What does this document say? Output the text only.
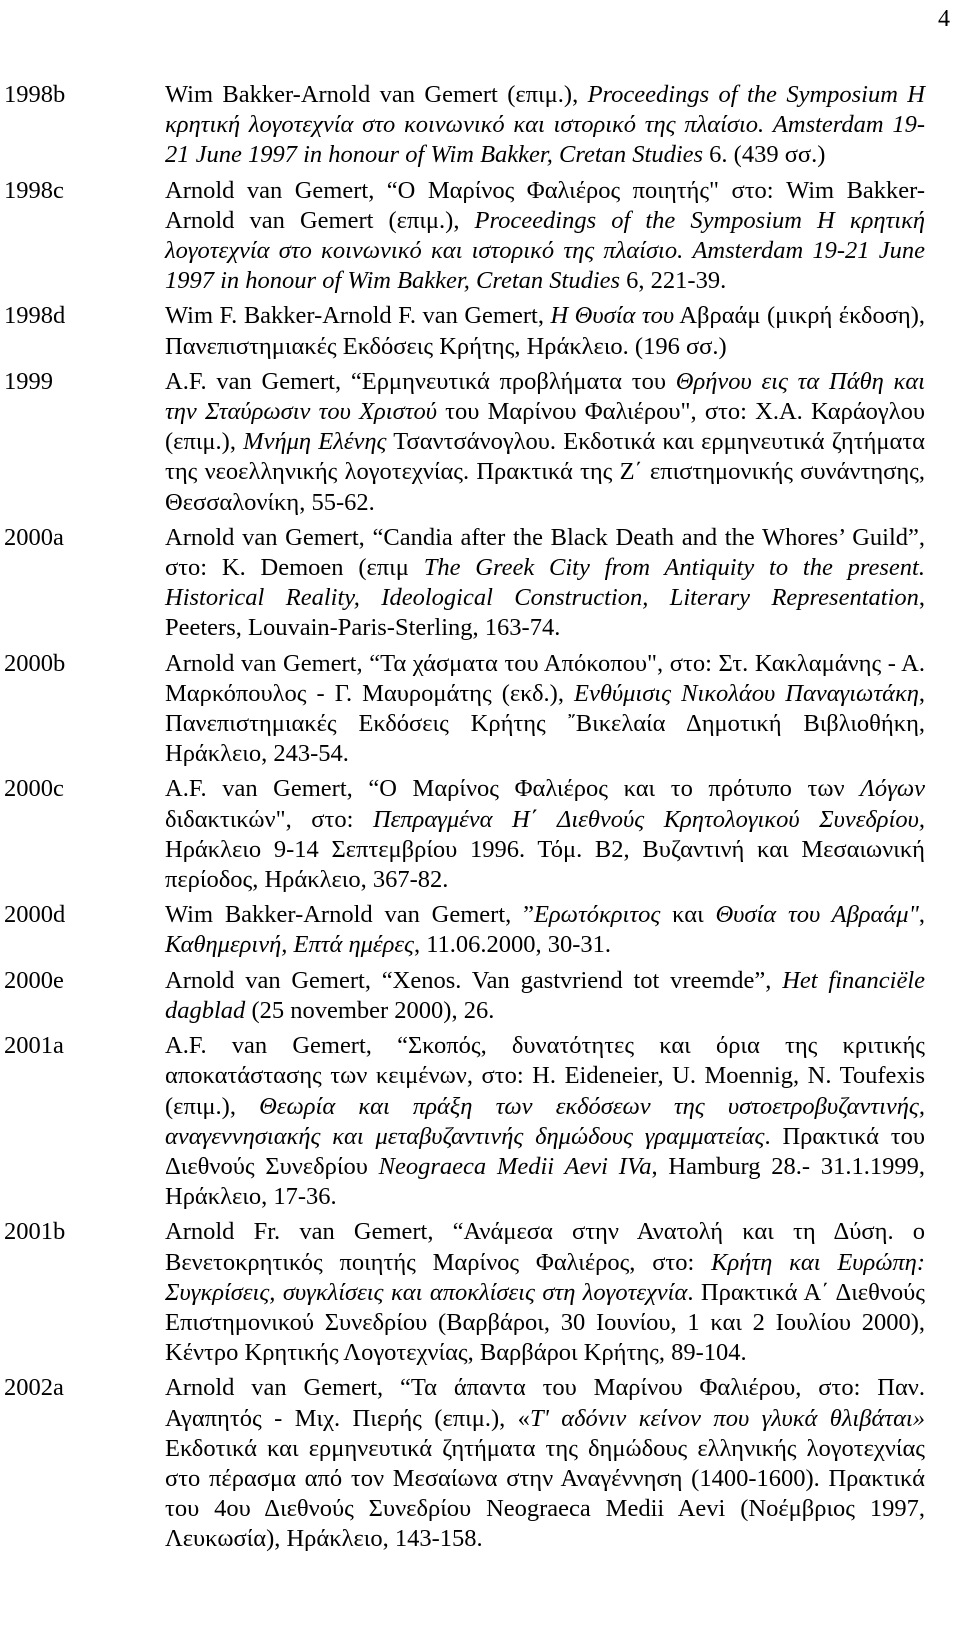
4
1998b	Wim Bakker-Arnold van Gemert (επιμ.), Proceedings of the Symposium Η κρητική λογοτεχνία στο κοινωνικό και ιστορικό της πλαίσιο. Amsterdam 19-21 June 1997 in honour of Wim Bakker, Cretan Studies 6. (439 σσ.)
1998c	Arnold van Gemert, “Ο Μαρίνος Φαλιέρος ποιητής" στο: Wim Bakker-Arnold van Gemert (επιμ.), Proceedings of the Symposium Η κρητική λογοτεχνία στο κοινωνικό και ιστορικό της πλαίσιο. Amsterdam 19-21 June 1997 in honour of Wim Bakker, Cretan Studies 6, 221-39.
1998d	Wim F. Bakker-Arnold F. van Gemert, Η Θυσία του Αβραάμ (μικρή έκδοση), Πανεπιστημιακές Εκδόσεις Κρήτης, Ηράκλειο. (196 σσ.)
1999	A.F. van Gemert, “Ερμηνευτικά προβλήματα του Θρήνου εις τα Πάθη και την Σταύρωσιν του Χριστού του Μαρίνου Φαλιέρου", στο: Χ.Α. Καράογλου (επιμ.), Μνήμη Ελένης Τσαντσάνογλου. Εκδοτικά και ερμηνευτικά ζητήματα της νεοελληνικής λογοτεχνίας. Πρακτικά της Ζ΄ επιστημονικής συνάντησης, Θεσσαλονίκη, 55-62.
2000a	Arnold van Gemert, “Candia after the Black Death and the Whores’ Guild”, στο: K. Demoen (επιμ The Greek City from Antiquity to the present. Historical Reality, Ideological Construction, Literary Representation, Peeters, Louvain-Paris-Sterling, 163-74.
2000b	Arnold van Gemert, “Τα χάσματα του Απόκοπου", στο: Στ. Κακλαμάνης - Α. Μαρκόπουλος - Γ. Μαυρομάτης (εκδ.), Ενθύμισις Νικολάου Παναγιωτάκη, Πανεπιστημιακές Εκδόσεις Κρήτης ῎Βικελαία Δημοτική Βιβλιοθήκη, Ηράκλειο, 243-54.
2000c	A.F. van Gemert, “Ο Μαρίνος Φαλιέρος και το πρότυπο των Λόγων διδακτικών", στο: Πεπραγμένα Η΄ Διεθνούς Κρητολογικού Συνεδρίου, Ηράκλειο 9-14 Σεπτεμβρίου 1996. Τόμ. Β2, Βυζαντινή και Μεσαιωνική περίοδος, Ηράκλειο, 367-82.
2000d	Wim Bakker-Arnold van Gemert, ”Ερωτόκριτος και Θυσία του Αβραάμ", Καθημερινή, Επτά ημέρες, 11.06.2000, 30-31.
2000e	Arnold van Gemert, “Xenos. Van gastvriend tot vreemde”, Het financiële dagblad (25 november 2000), 26.
2001a	A.F. van Gemert, “Σκοπός, δυνατότητες και όρια της κριτικής αποκατάστασης των κειμένων, στο: H. Eideneier, U. Moennig, N. Toufexis (επιμ.), Θεωρία και πράξη των εκδόσεων της υστοετροβυζαντινής, αναγεννησιακής και μεταβυζαντινής δημώδους γραμματείας. Πρακτικά του Διεθνούς Συνεδρίου Neograeca Medii Aevi IVa, Hamburg 28.- 31.1.1999, Ηράκλειο, 17-36.
2001b	Arnold Fr. van Gemert, “Ανάμεσα στην Ανατολή και τη Δύση. ο Βενετοκρητικός ποιητής Μαρίνος Φαλιέρος, στο: Κρήτη και Ευρώπη: Συγκρίσεις, συγκλίσεις και αποκλίσεις στη λογοτεχνία. Πρακτικά Α΄ Διεθνούς Επιστημονικού Συνεδρίου (Βαρβάροι, 30 Ιουνίου, 1 και 2 Ιουλίου 2000), Κέντρο Κρητικής Λογοτεχνίας, Βαρβάροι Κρήτης, 89-104.
2002a	Arnold van Gemert, “Τα άπαντα του Μαρίνου Φαλιέρου, στο: Παν. Αγαπητός - Μιχ. Πιερής (επιμ.), «Τ' αδόνιν κείνον που γλυκά θλιβάται» Εκδοτικά και ερμηνευτικά ζητήματα της δημώδους ελληνικής λογοτεχνίας στο πέρασμα από τον Μεσαίωνα στην Αναγέννηση (1400-1600). Πρακτικά του 4ου Διεθνούς Συνεδρίου Neograeca Medii Aevi (Νοέμβριος 1997, Λευκωσία), Ηράκλειο, 143-158.
